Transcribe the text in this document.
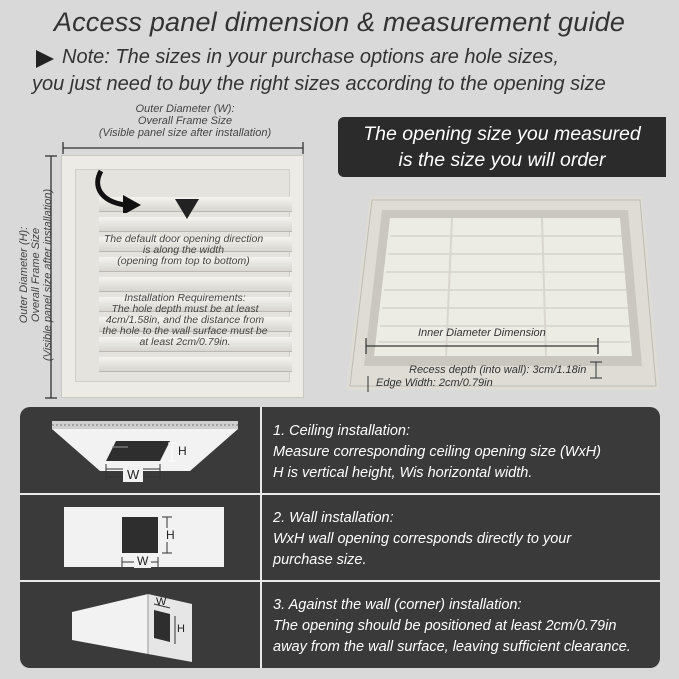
Access panel dimension & measurement guide
Note: The sizes in your purchase options are hole sizes,
you just need to buy the right sizes according to the opening size
Outer Diameter (W):
Overall Frame Size
(Visible panel size after installation)
Outer Diameter (H): Overall Frame Size (Visible panel size after installation)	The default door opening direction
is along the width
(opening from top to bottom)
Installation Requirements:
The hole depth must be at least
4cm/1.58in, and the distance from
the hole to the wall surface must be
at least 2cm/0.79in.
The opening size you measured
is the size you will order
Inner Diameter Dimension
Recess depth (into wall): 3cm/1.18in
Edge Width: 2cm/0.79in
W
H
1. Ceiling installation:
Measure corresponding ceiling opening size (WxH)
H is vertical height, Wis horizontal width.
W
H
2. Wall installation:
WxH wall opening corresponds directly to your
purchase size.
W
H
3. Against the wall (corner) installation:
The opening should be positioned at least 2cm/0.79in
away from the wall surface, leaving sufficient clearance.
